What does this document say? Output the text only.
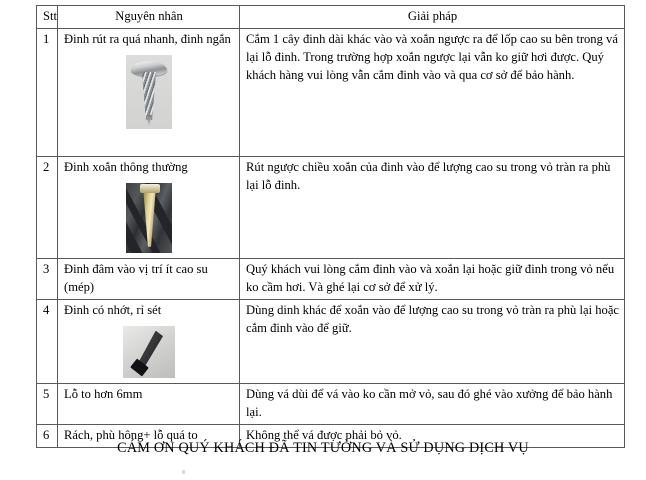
Stt	Nguyên nhân	Giải pháp
1	Đinh rút ra quá nhanh, đinh ngắn	Cắm 1 cây đinh dài khác vào và xoắn ngược ra để lốp cao su bên trong vá lại lỗ đinh. Trong trường hợp xoắn ngược lại vẫn ko giữ hơi được. Quý khách hàng vui lòng vẫn cắm đinh vào và qua cơ sở để bảo hành.

2	Đinh xoắn thông thường	Rút ngược chiều xoắn của đinh vào để lượng cao su trong vỏ tràn ra phù lại lỗ đinh.

3	Đinh đâm vào vị trí ít cao su (mép)	Quý khách vui lòng cắm đinh vào và xoắn lại hoặc giữ đinh trong vỏ nếu ko cầm hơi. Và ghé lại cơ sở để xử lý.

4	Đinh có nhớt, rỉ sét	Dùng dinh khác để xoắn vào để lượng cao su trong vỏ tràn ra phù lại hoặc cắm đinh vào để giữ.

5	Lỗ to hơn 6mm	Dùng vá dùi để vá vào ko cần mở vỏ, sau đó ghé vào xưởng để bảo hành lại.

6	Rách, phù hông+ lỗ quá to	Không thể vá được phải bỏ vỏ.
CÁM ƠN QUÝ KHÁCH ĐÃ TIN TƯỞNG VÀ SỬ DỤNG DỊCH VỤ
